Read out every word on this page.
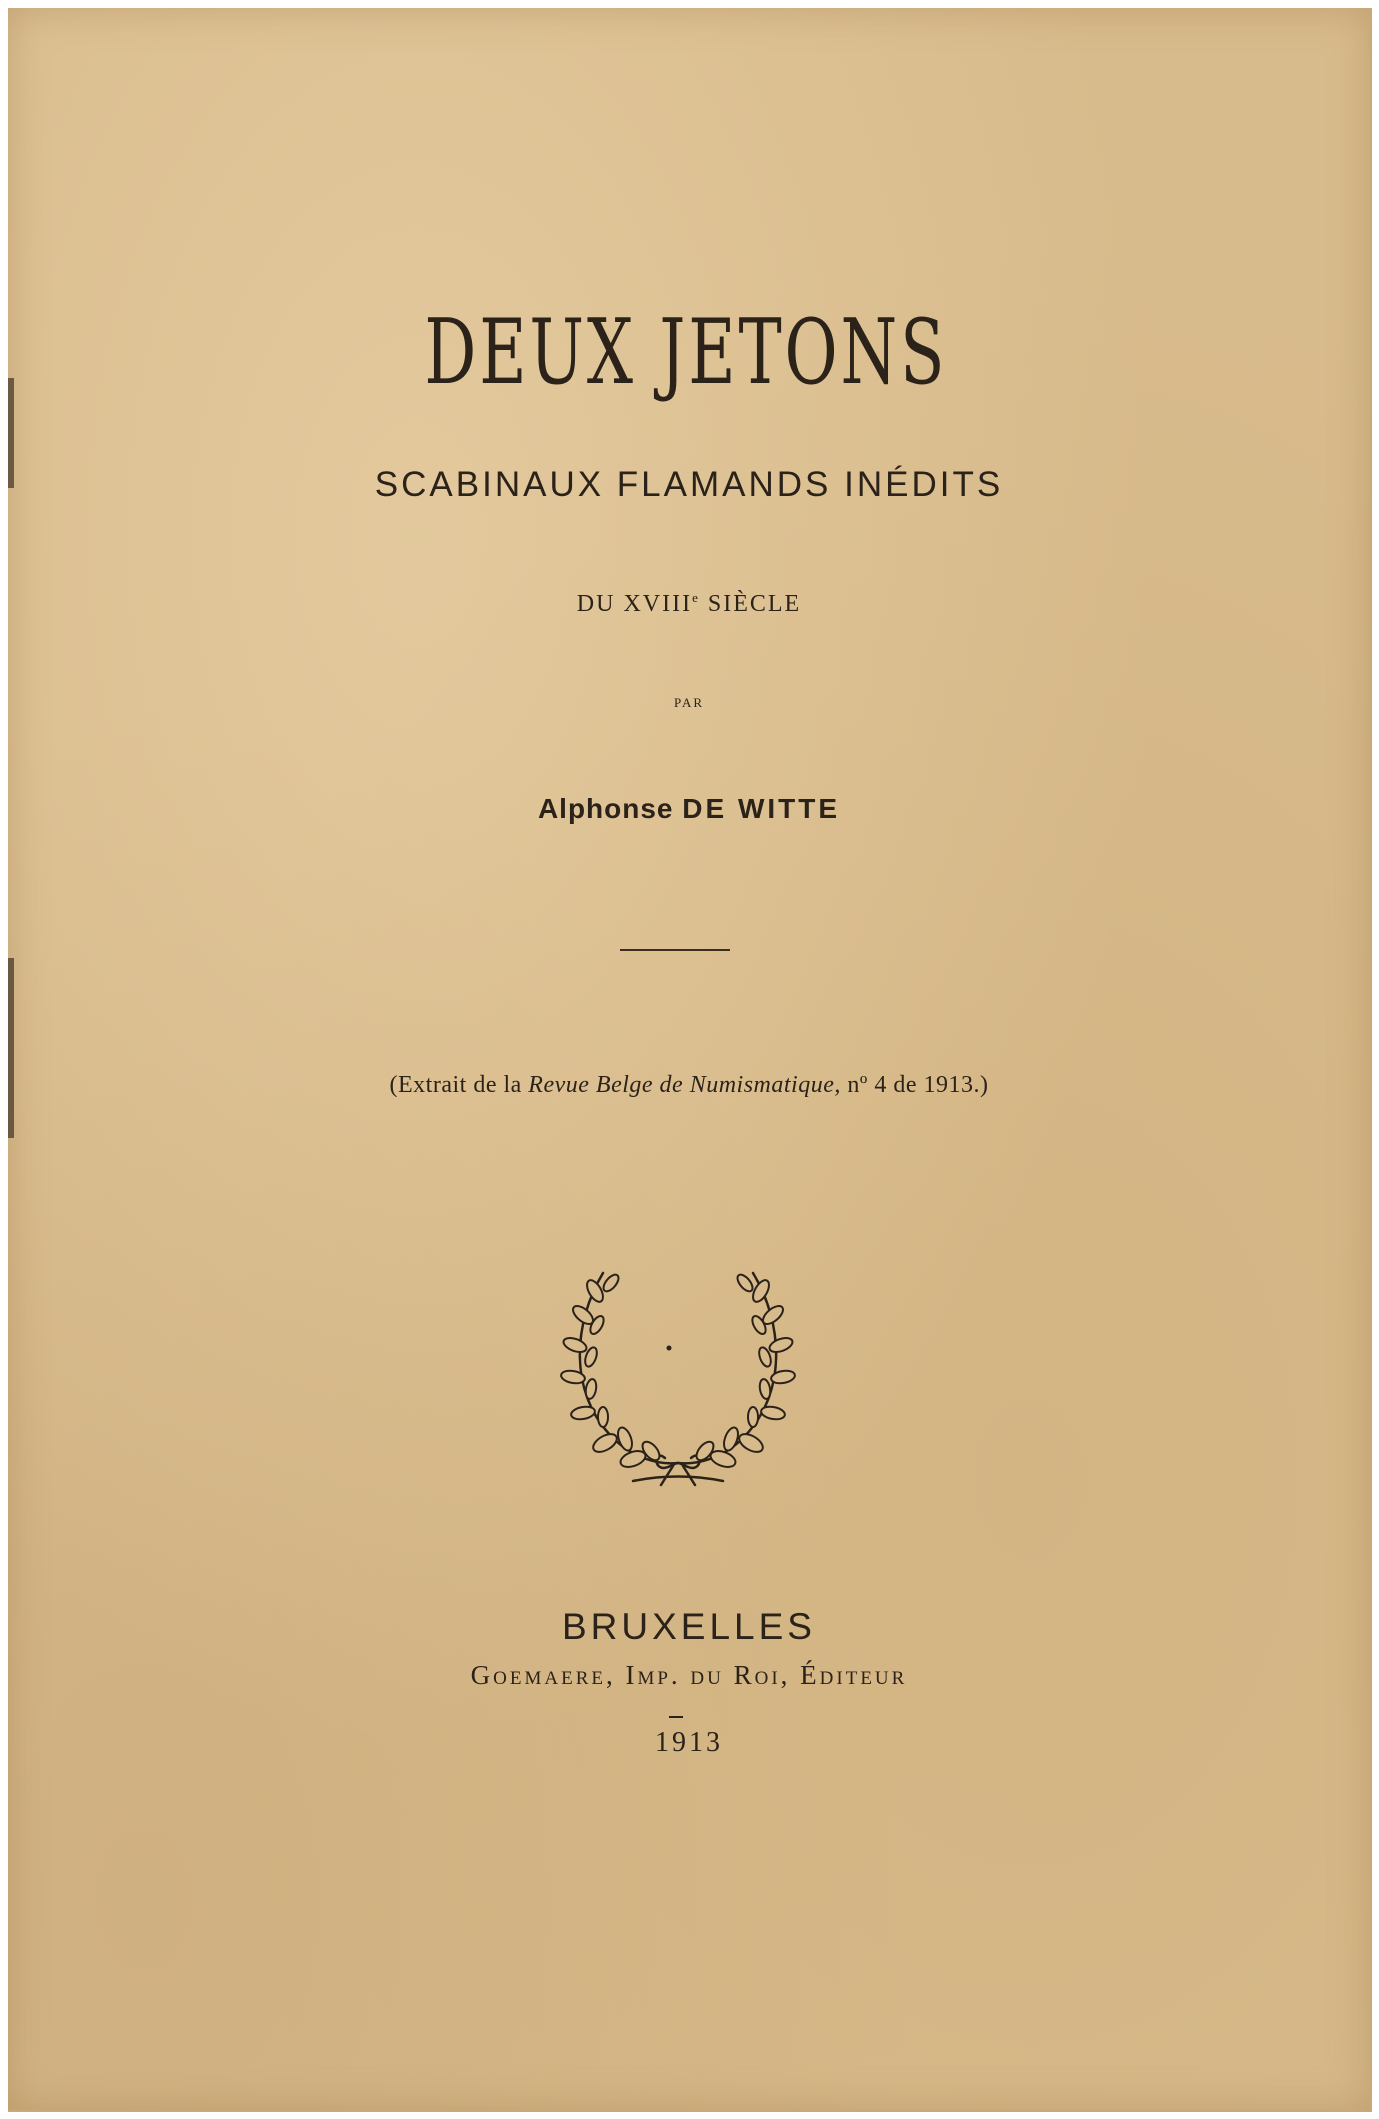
DEUX JETONS
SCABINAUX FLAMANDS INÉDITS
DU XVIIIe SIÈCLE
PAR
Alphonse DE WITTE
(Extrait de la Revue Belge de Numismatique, nº 4 de 1913.)
BRUXELLES
Goemaere, Imp. du Roi, Éditeur
1913
